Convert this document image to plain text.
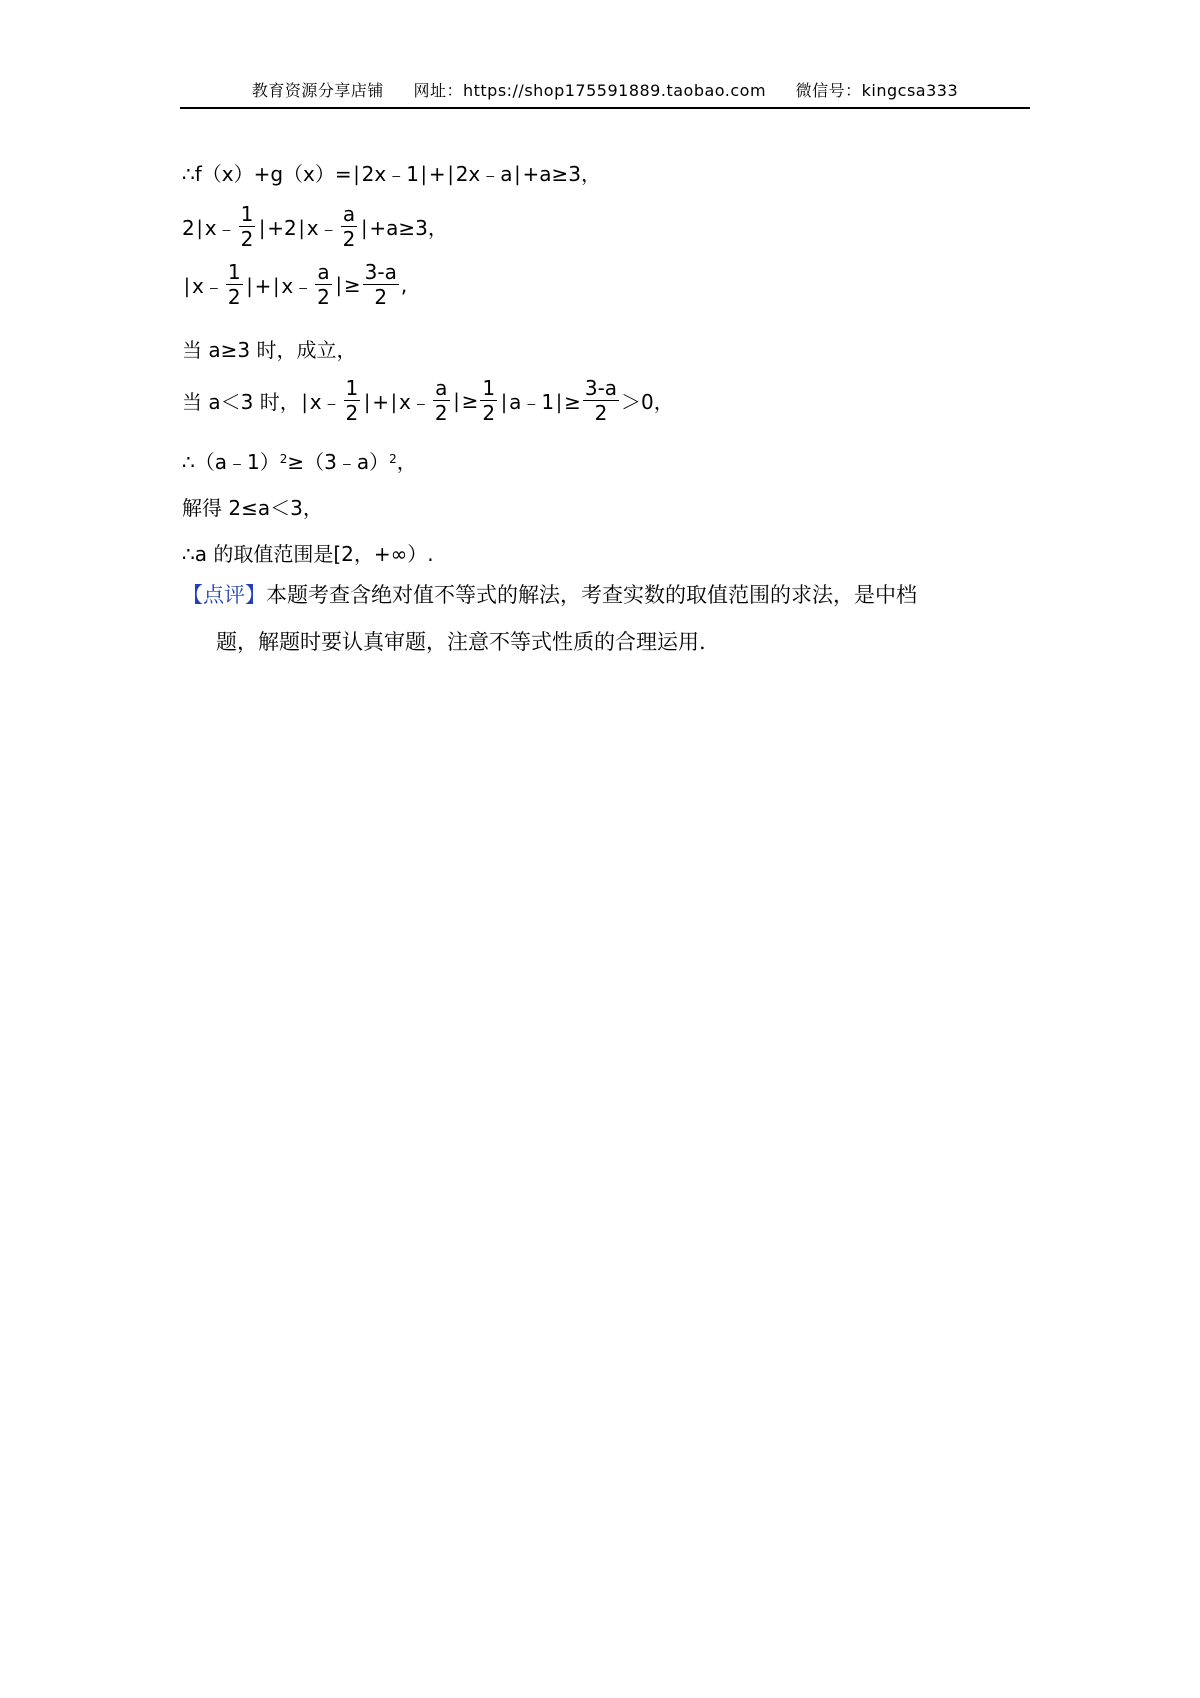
教育资源分享店铺 网址：https://shop175591889.taobao.com 微信号：kingcsa333
∴f（x）+g（x）=∣2x﹣1∣+∣2x﹣a∣+a≥3，
2∣x﹣ $\frac{1}{2}$ ∣+2∣x﹣ $\frac{a}{2}$ ∣+a≥3，
∣x﹣ $\frac{1}{2}$ ∣+∣x﹣ $\frac{a}{2}$ ∣≥ $\frac{3-a}{2}$ ,
当 a≥3 时，成立，
当 a＜3 时，∣x﹣ $\frac{1}{2}$ ∣+∣x﹣ $\frac{a}{2}$ ∣≥ $\frac{1}{2}$ ∣a﹣1∣≥ $\frac{3-a}{2} >0$，
∴（a﹣1）$^2$ ≥（3﹣a）$^2$ ，
解得 2≤a＜3，
∴a 的取值范围是[2，+∞）.
【点评】本题考查含绝对值不等式的解法，考查实数的取值范围的求法，是中档
题，解题时要认真审题，注意不等式性质的合理运用.
